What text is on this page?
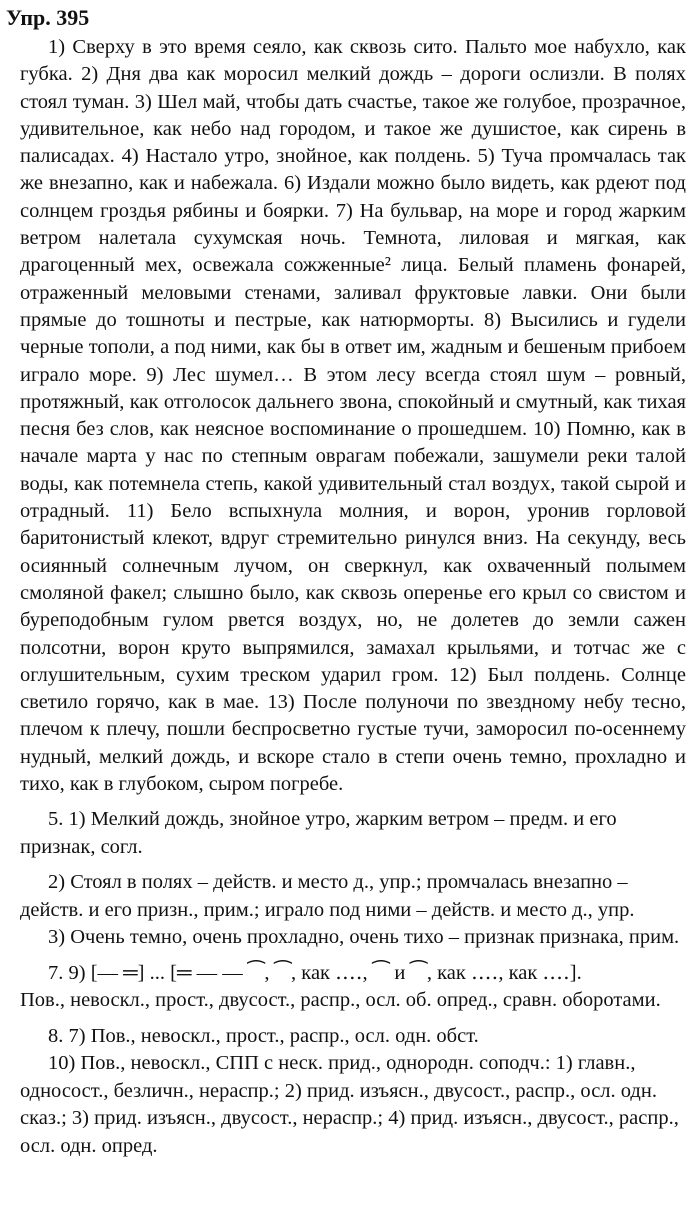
Упр. 395

1) Сверху в это время сеяло, как сквозь сито. Пальто мое набухло, как губка. 2) Дня два как моросил мелкий дождь – дороги ослизли. В полях стоял туман. 3) Шел май, чтобы дать счастье, такое же голубое, прозрачное, удивительное, как небо над городом, и такое же душистое, как сирень в палисадах. 4) Настало утро, знойное, как полдень. 5) Туча промчалась так же внезапно, как и набежала. 6) Издали можно было видеть, как рдеют под солнцем гроздья рябины и боярки. 7) На бульвар, на море и город жарким ветром налетала сухумская ночь. Темнота, лиловая и мягкая, как драгоценный мех, освежала сожженные² лица. Белый пламень фонарей, отраженный меловыми стенами, заливал фруктовые лавки. Они были прямые до тошноты и пестрые, как натюрморты. 8) Высились и гудели черные тополи, а под ними, как бы в ответ им, жадным и бешеным прибоем играло море. 9) Лес шумел… В этом лесу всегда стоял шум – ровный, протяжный, как отголосок дальнего звона, спокойный и смутный, как тихая песня без слов, как неясное воспоминание о прошедшем. 10) Помню, как в начале марта у нас по степным оврагам побежали, зашумели реки талой воды, как потемнела степь, какой удивительный стал воздух, такой сырой и отрадный. 11) Бело вспыхнула молния, и ворон, уронив горловой баритонистый клекот, вдруг стремительно ринулся вниз. На секунду, весь осиянный солнечным лучом, он сверкнул, как охваченный полымем смоляной факел; слышно было, как сквозь оперенье его крыл со свистом и буреподобным гулом рвется воздух, но, не долетев до земли сажен полсотни, ворон круто выпрямился, замахал крыльями, и тотчас же с оглушительным, сухим треском ударил гром. 12) Был полдень. Солнце светило горячо, как в мае. 13) После полуночи по звездному небу тесно, плечом к плечу, пошли беспросветно густые тучи, заморосил по-осеннему нудный, мелкий дождь, и вскоре стало в степи очень темно, прохладно и тихо, как в глубоком, сыром погребе.

5. 1) Мелкий дождь, знойное утро, жарким ветром – предм. и его признак, согл.

2) Стоял в полях – действ. и место д., упр.; промчалась внезапно – действ. и его призн., прим.; играло под ними – действ. и место д., упр.

3) Очень темно, очень прохладно, очень тихо – признак признака, прим.

7. 9) [— ═] ... [═ — — ⁀, ⁀, как ‥‥, ⁀ и ⁀, как ‥‥, как ‥‥].

Пов., невоскл., прост., двусост., распр., осл. об. опред., сравн. оборотами.

8. 7) Пов., невоскл., прост., распр., осл. одн. обст.

10) Пов., невоскл., СПП с неск. прид., однородн. соподч.: 1) главн., односост., безличн., нераспр.; 2) прид. изъясн., двусост., распр., осл. одн. сказ.; 3) прид. изъясн., двусост., нераспр.; 4) прид. изъясн., двусост., распр., осл. одн. опред.
